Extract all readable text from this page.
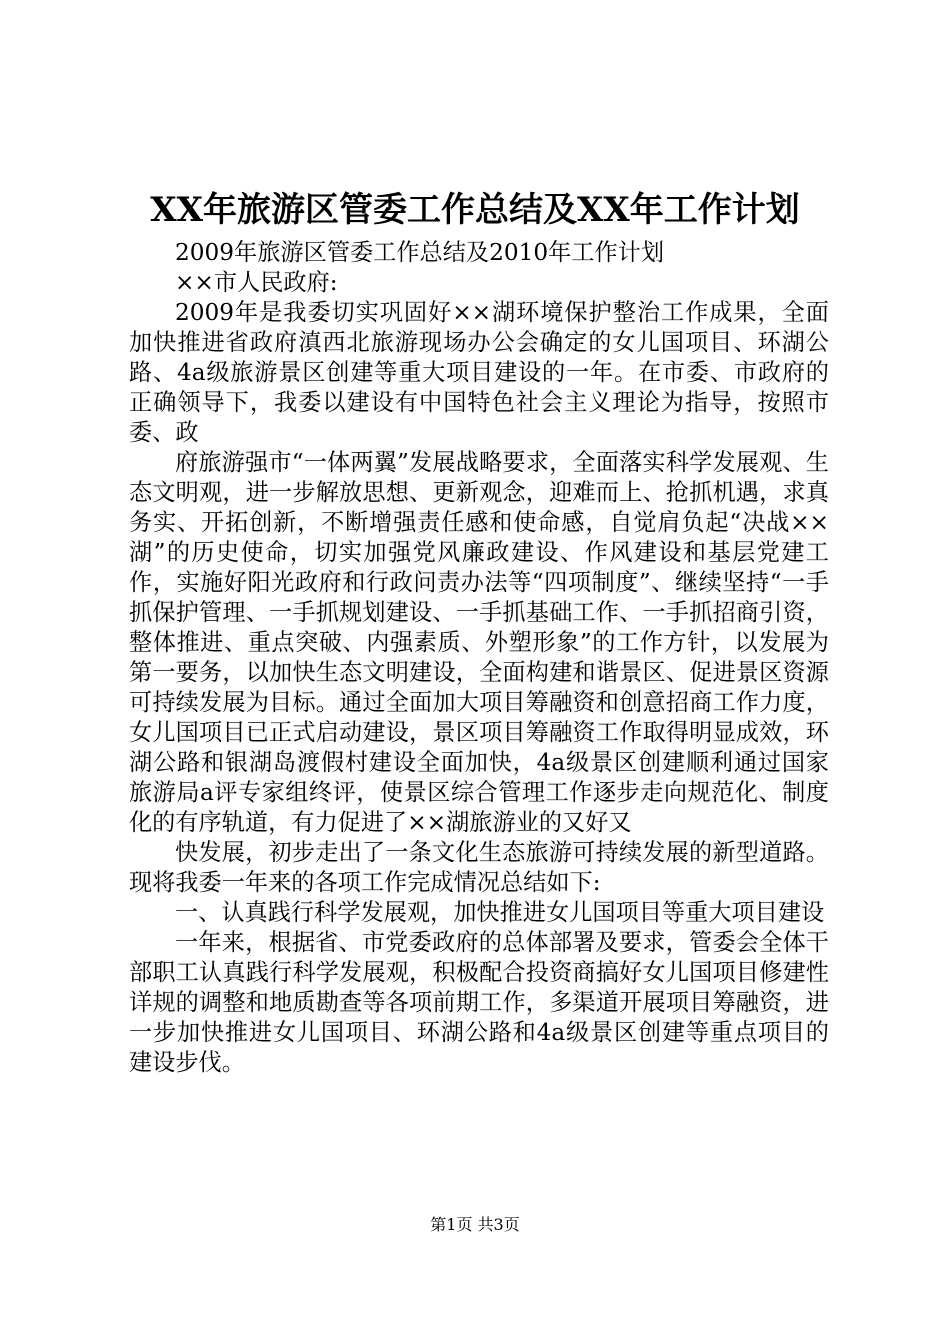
XX年旅游区管委工作总结及XX年工作计划

2009年旅游区管委工作总结及2010年工作计划

××市人民政府:

2009年是我委切实巩固好××湖环境保护整治工作成果，全面加快推进省政府滇西北旅游现场办公会确定的女儿国项目、环湖公路、4a级旅游景区创建等重大项目建设的一年。在市委、市政府的正确领导下，我委以建设有中国特色社会主义理论为指导，按照市委、政

府旅游强市“一体两翼”发展战略要求，全面落实科学发展观、生态文明观，进一步解放思想、更新观念，迎难而上、抢抓机遇，求真务实、开拓创新，不断增强责任感和使命感，自觉肩负起“决战××湖”的历史使命，切实加强党风廉政建设、作风建设和基层党建工作，实施好阳光政府和行政问责办法等“四项制度”、继续坚持“一手抓保护管理、一手抓规划建设、一手抓基础工作、一手抓招商引资，整体推进、重点突破、内强素质、外塑形象”的工作方针，以发展为第一要务，以加快生态文明建设，全面构建和谐景区、促进景区资源可持续发展为目标。通过全面加大项目筹融资和创意招商工作力度，女儿国项目已正式启动建设，景区项目筹融资工作取得明显成效，环湖公路和银湖岛渡假村建设全面加快，4a级景区创建顺利通过国家旅游局a评专家组终评，使景区综合管理工作逐步走向规范化、制度化的有序轨道，有力促进了××湖旅游业的又好又

快发展，初步走出了一条文化生态旅游可持续发展的新型道路。现将我委一年来的各项工作完成情况总结如下:

一、认真践行科学发展观，加快推进女儿国项目等重大项目建设

一年来，根据省、市党委政府的总体部署及要求，管委会全体干部职工认真践行科学发展观，积极配合投资商搞好女儿国项目修建性详规的调整和地质勘查等各项前期工作，多渠道开展项目筹融资，进一步加快推进女儿国项目、环湖公路和4a级景区创建等重点项目的建设步伐。

第1页 共3页
